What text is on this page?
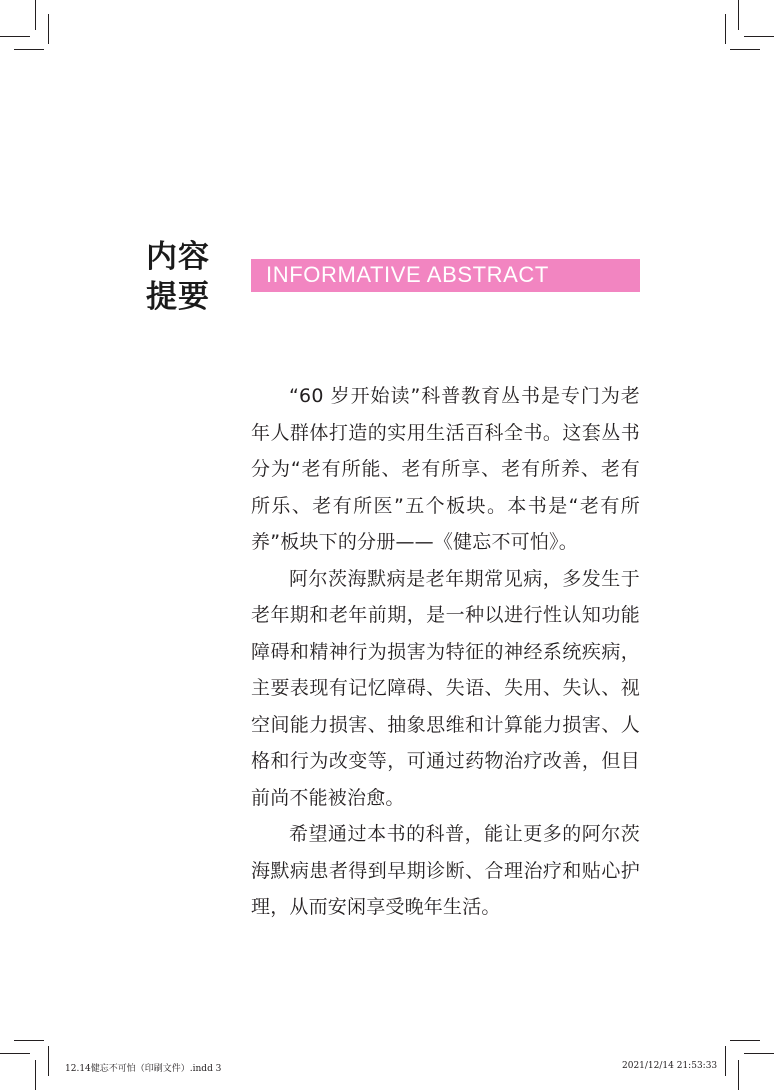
内容
提要
INFORMATIVE ABSTRACT

“60 岁开始读”科普教育丛书是专门为老年人群体打造的实用生活百科全书。这套丛书分为“老有所能、老有所享、老有所养、老有所乐、老有所医”五个板块。本书是“老有所养”板块下的分册——《健忘不可怕》。

阿尔茨海默病是老年期常见病，多发生于老年期和老年前期，是一种以进行性认知功能障碍和精神行为损害为特征的神经系统疾病，主要表现有记忆障碍、失语、失用、失认、视空间能力损害、抽象思维和计算能力损害、人格和行为改变等，可通过药物治疗改善，但目前尚不能被治愈。

希望通过本书的科普，能让更多的阿尔茨海默病患者得到早期诊断、合理治疗和贴心护理，从而安闲享受晚年生活。

12.14健忘不可怕（印刷文件）.indd 3	2021/12/14 21:53:33
